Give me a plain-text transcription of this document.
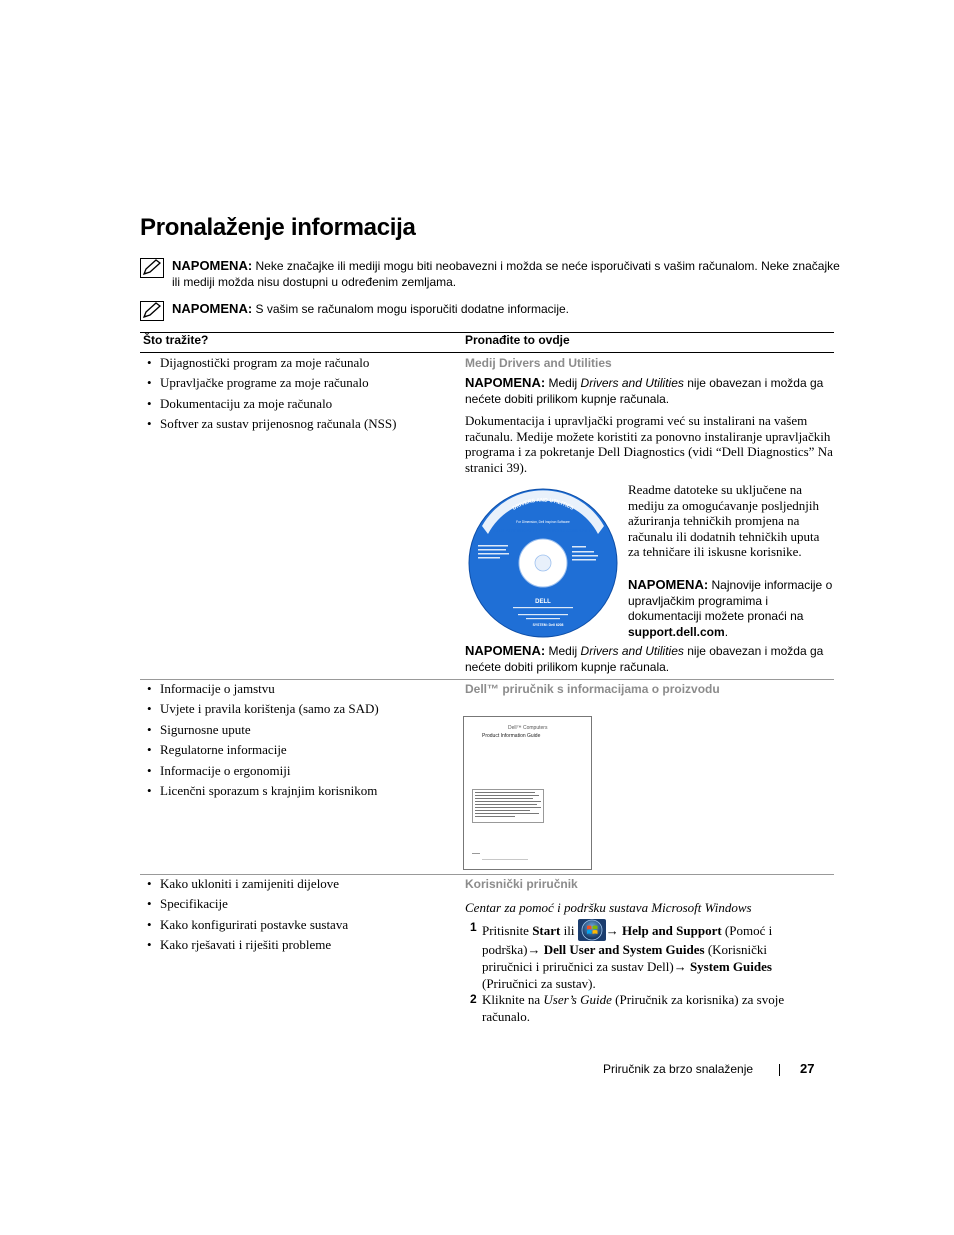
Pronalaženje informacija
NAPOMENA: Neke značajke ili mediji mogu biti neobavezni i možda se neće isporučivati s vašim računalom. Neke značajke ili mediji možda nisu dostupni u određenim zemljama.
NAPOMENA: S vašim se računalom mogu isporučiti dodatne informacije.
Što tražite?	Pronađite to ovdje
• Dijagnostički program za moje računalo
• Upravljačke programe za moje računalo
• Dokumentaciju za moje računalo
• Softver za sustav prijenosnog računala (NSS)
Medij Drivers and Utilities
NAPOMENA: Medij Drivers and Utilities nije obavezan i možda ga nećete dobiti prilikom kupnje računala.
Dokumentacija i upravljački programi već su instalirani na vašem računalu. Medije možete koristiti za ponovno instaliranje upravljačkih programa i za pokretanje Dell Diagnostics (vidi “Dell Diagnostics” Na stranici 39).
DRIVERS AND UTILITIES
ALREADY INSTALLED ON YOUR COMPUTER
For Dimension, Dell Inspiron Software
DELL
SYSTEM: Dell 6208
Readme datoteke su uključene na mediju za omogućavanje posljednjih ažuriranja tehničkih promjena na računalu ili dodatnih tehničkih uputa za tehničare ili iskusne korisnike.
NAPOMENA: Najnovije informacije o upravljačkim programima i dokumentaciji možete pronaći na support.dell.com.
NAPOMENA: Medij Drivers and Utilities nije obavezan i možda ga nećete dobiti prilikom kupnje računala.
• Informacije o jamstvu
• Uvjete i pravila korištenja (samo za SAD)
• Sigurnosne upute
• Regulatorne informacije
• Informacije o ergonomiji
• Licenčni sporazum s krajnjim korisnikom
Dell™ priručnik s informacijama o proizvodu
Dell™ Computers
Product Information Guide
• Kako ukloniti i zamijeniti dijelove
• Specifikacije
• Kako konfigurirati postavke sustava
• Kako rješavati i riješiti probleme
Korisnički priručnik
Centar za pomoć i podršku sustava Microsoft Windows
1 Pritisnite Start ili → Help and Support (Pomoć i podrška)→ Dell User and System Guides (Korisnički priručnici i priručnici za sustav Dell)→ System Guides (Priručnici za sustav).
2 Kliknite na User’s Guide (Priručnik za korisnika) za svoje računalo.
Priručnik za brzo snalaženje	27
